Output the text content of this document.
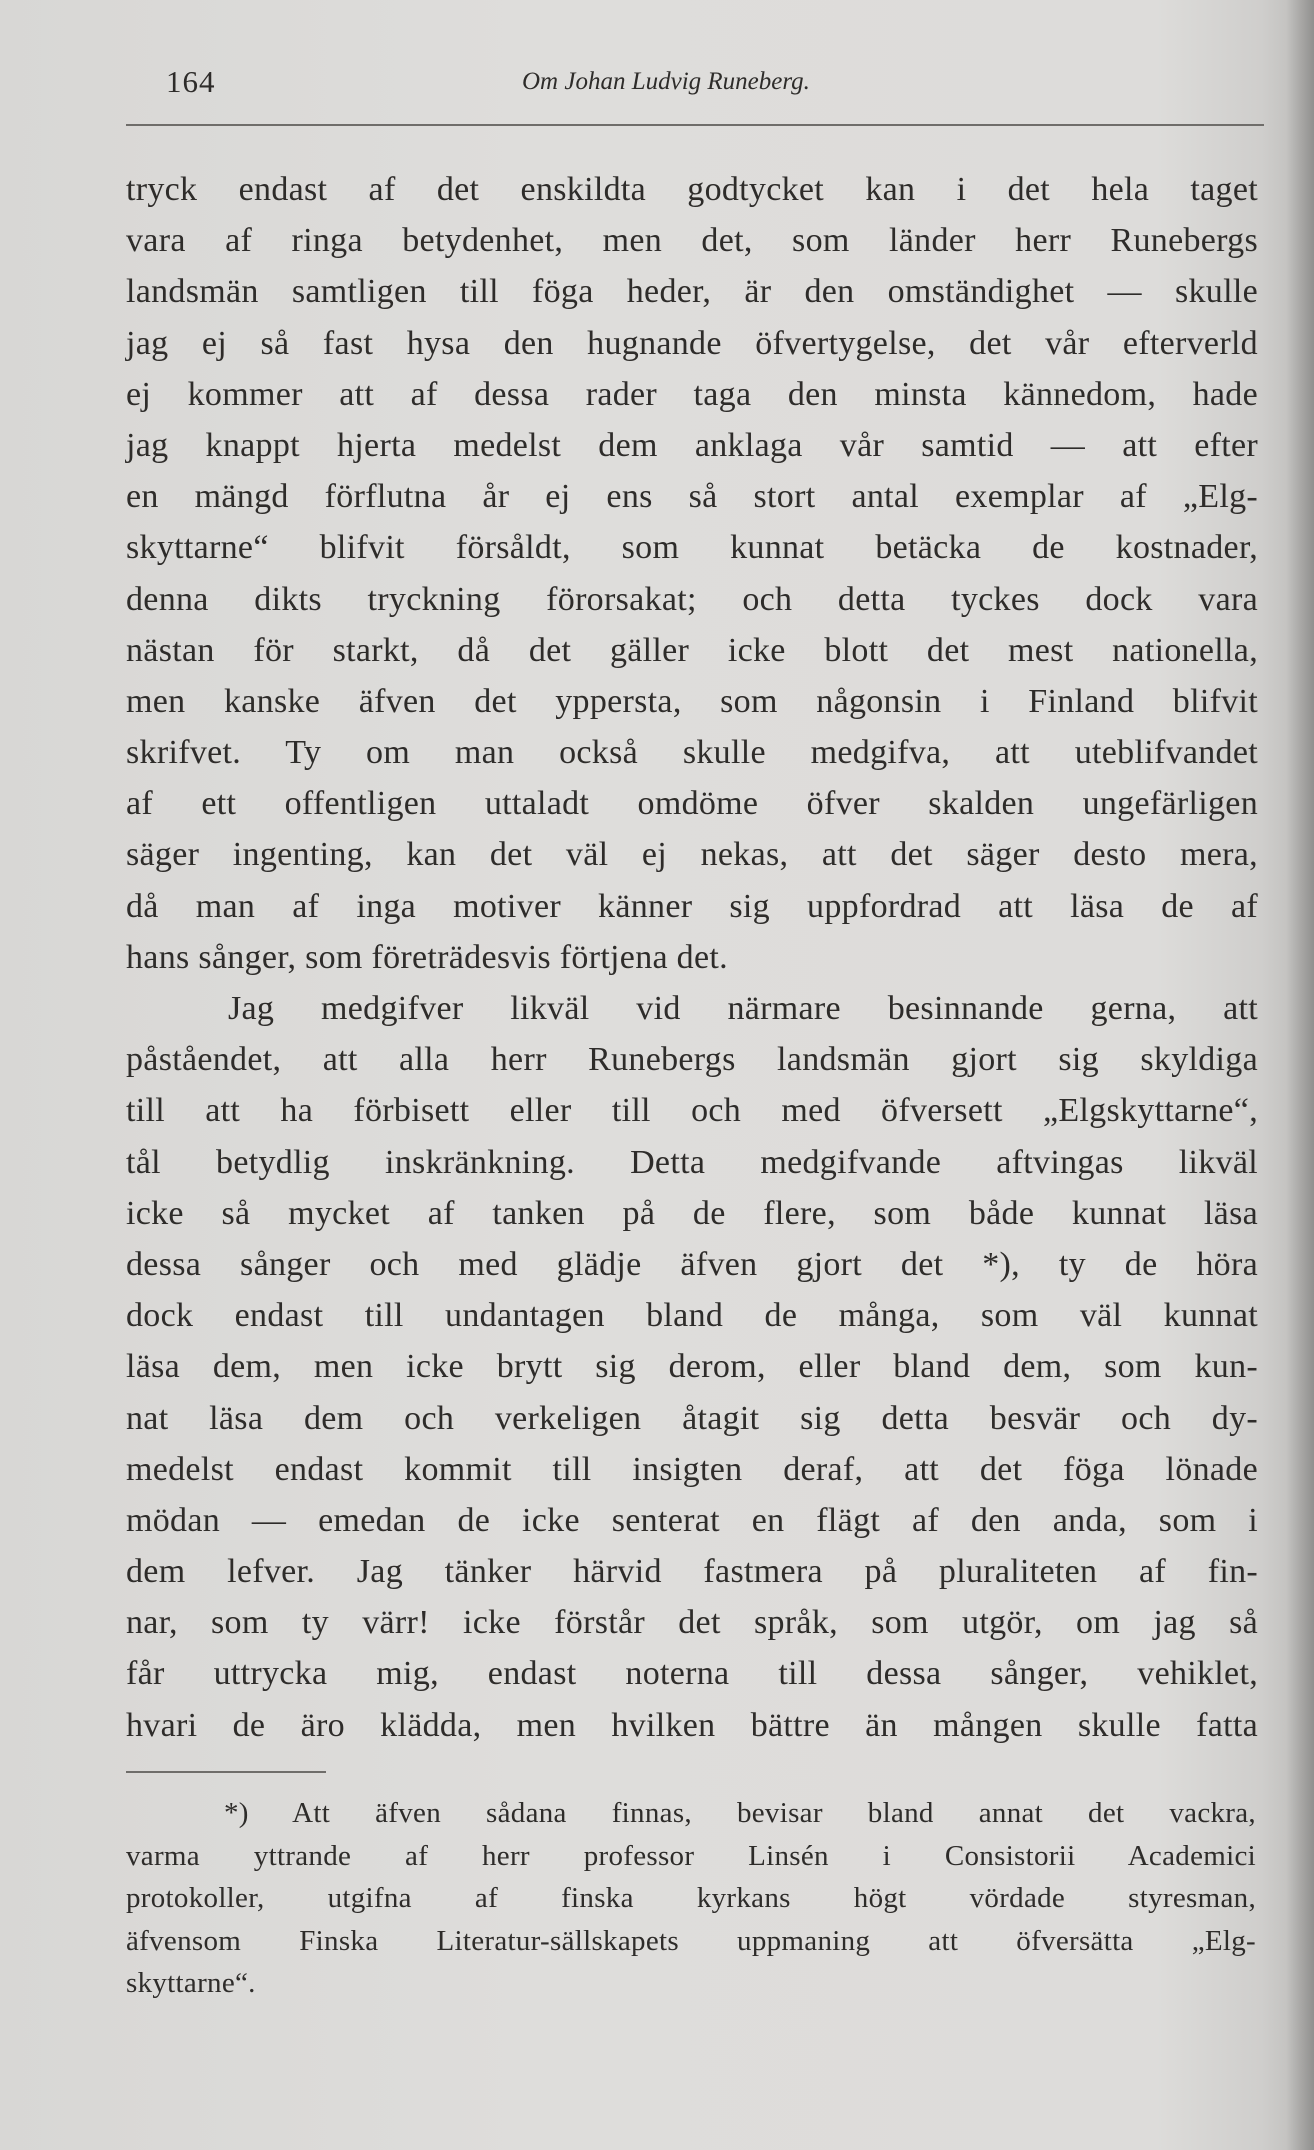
164	Om Johan Ludvig Runeberg.
tryck endast af det enskildta godtycket kan i det hela taget
vara af ringa betydenhet, men det, som länder herr Runebergs
landsmän samtligen till föga heder, är den omständighet — skulle
jag ej så fast hysa den hugnande öfvertygelse, det vår efterverld
ej kommer att af dessa rader taga den minsta kännedom, hade
jag knappt hjerta medelst dem anklaga vår samtid — att efter
en mängd förflutna år ej ens så stort antal exemplar af „Elg-
skyttarne“ blifvit försåldt, som kunnat betäcka de kostnader,
denna dikts tryckning förorsakat; och detta tyckes dock vara
nästan för starkt, då det gäller icke blott det mest nationella,
men kanske äfven det yppersta, som någonsin i Finland blifvit
skrifvet. Ty om man också skulle medgifva, att uteblifvandet
af ett offentligen uttaladt omdöme öfver skalden ungefärligen
säger ingenting, kan det väl ej nekas, att det säger desto mera,
då man af inga motiver känner sig uppfordrad att läsa de af
hans sånger, som företrädesvis förtjena det.
Jag medgifver likväl vid närmare besinnande gerna, att
påståendet, att alla herr Runebergs landsmän gjort sig skyldiga
till att ha förbisett eller till och med öfversett „Elgskyttarne“,
tål betydlig inskränkning. Detta medgifvande aftvingas likväl
icke så mycket af tanken på de flere, som både kunnat läsa
dessa sånger och med glädje äfven gjort det *), ty de höra
dock endast till undantagen bland de många, som väl kunnat
läsa dem, men icke brytt sig derom, eller bland dem, som kun-
nat läsa dem och verkeligen åtagit sig detta besvär och dy-
medelst endast kommit till insigten deraf, att det föga lönade
mödan — emedan de icke senterat en flägt af den anda, som i
dem lefver. Jag tänker härvid fastmera på pluraliteten af fin-
nar, som ty värr! icke förstår det språk, som utgör, om jag så
får uttrycka mig, endast noterna till dessa sånger, vehiklet,
hvari de äro klädda, men hvilken bättre än mången skulle fatta
*) Att äfven sådana finnas, bevisar bland annat det vackra,
varma yttrande af herr professor Linsén i Consistorii Academici
protokoller, utgifna af finska kyrkans högt vördade styresman,
äfvensom Finska Literatur-sällskapets uppmaning att öfversätta „Elg-
skyttarne“.
